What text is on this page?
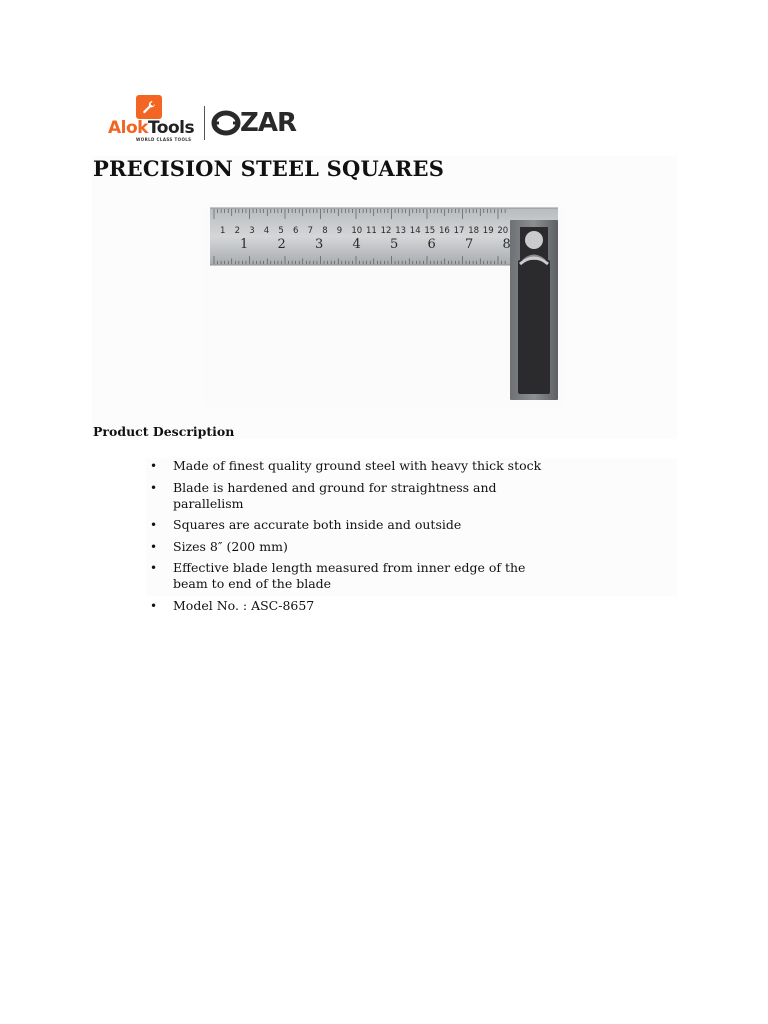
AlokTools
WORLD CLASS TOOLS
ZAR
PRECISION STEEL SQUARES
1 2 3 4 5 6 7 8 9 10 11 12 13 14 15 16 17 18 19 20
1 2 3 4 5 6 7 8
Product Description
• Made of finest quality ground steel with heavy thick stock
• Blade is hardened and ground for straightness and parallelism
• Squares are accurate both inside and outside
• Sizes 8″ (200 mm)
• Effective blade length measured from inner edge of the beam to end of the blade
• Model No. : ASC-8657
